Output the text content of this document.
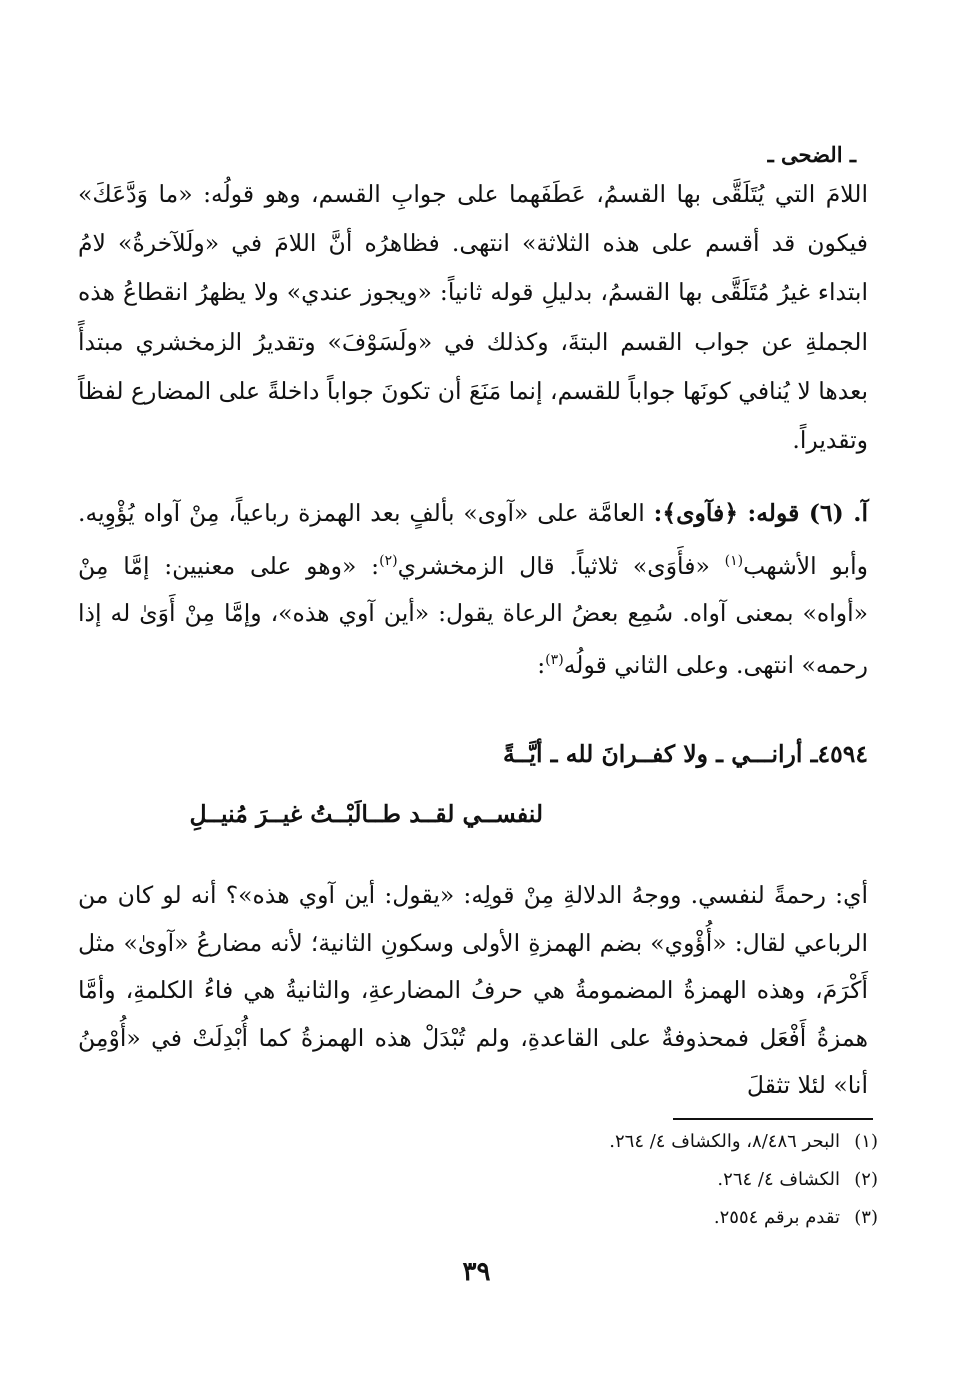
ـ الضحى ـ

اللامَ التي يُتَلَقَّى بها القسمُ، عَطَفَهما على جوابِ القسم، وهو قولُه: «ما وَدَّعَكَ» فيكون قد أقسم على هذه الثلاثة» انتهى. فظاهرُه أنَّ اللامَ في «ولَلآخرةُ» لامُ ابتداء غيرُ مُتَلَقَّى بها القسمُ، بدليلِ قوله ثانياً: «ويجوز عندي» ولا يظهرُ انقطاعُ هذه الجملةِ عن جواب القسم البتةَ، وكذلك في «ولَسَوْفَ» وتقديرُ الزمخشري مبتدأً بعدها لا يُنافي كونَها جواباً للقسم، إنما مَنَعَ أن تكونَ جواباً داخلةً على المضارع لفظاً وتقديراً.

آ. (٦) قوله: ﴿فآوى﴾: العامَّة على «آوى» بألفٍ بعد الهمزة رباعياً، مِنْ آواه يُؤْوِيه. وأبو الأشهب$^{(١)}$ «فأَوَى» ثلاثياً. قال الزمخشري$^{(٢)}$: «وهو على معنيين: إمَّا مِنْ «أواه» بمعنى آواه. سُمِع بعضُ الرعاة يقول: «أين آوي هذه»، وإمَّا مِنْ أَوَىٰ له إذا رحمه» انتهى. وعلى الثاني قولُه$^{(٣)}$:

٤٥٩٤ـ أرانـــي ـ ولا كفــرانَ لله ـ أيَّــةً
لنفســي لقــد طــالَبْــتُ غيــرَ مُنيــلِ

أي: رحمةً لنفسي. ووجهُ الدلالةِ مِنْ قولِه: «يقول: أين آوي هذه»؟ أنه لو كان من الرباعي لقال: «أُؤْوي» بضم الهمزةِ الأولى وسكونِ الثانية؛ لأنه مضارعُ «آوىٰ» مثل أَكْرَمَ، وهذه الهمزةُ المضمومةُ هي حرفُ المضارعةِ، والثانيةُ هي فاءُ الكلمةِ، وأمَّا همزةُ أَفْعَل فمحذوفةٌ على القاعدةِ، ولم تُبْدَلْ هذه الهمزةُ كما أُبْدِلَتْ في «أُوْمِنُ أنا» لئلا تثقلَ

(١)البحر ٨/٤٨٦، والكشاف ٤/ ٢٦٤.
(٢)الكشاف ٤/ ٢٦٤.
(٣)تقدم برقم ٢٥٥٤.
٣٩
